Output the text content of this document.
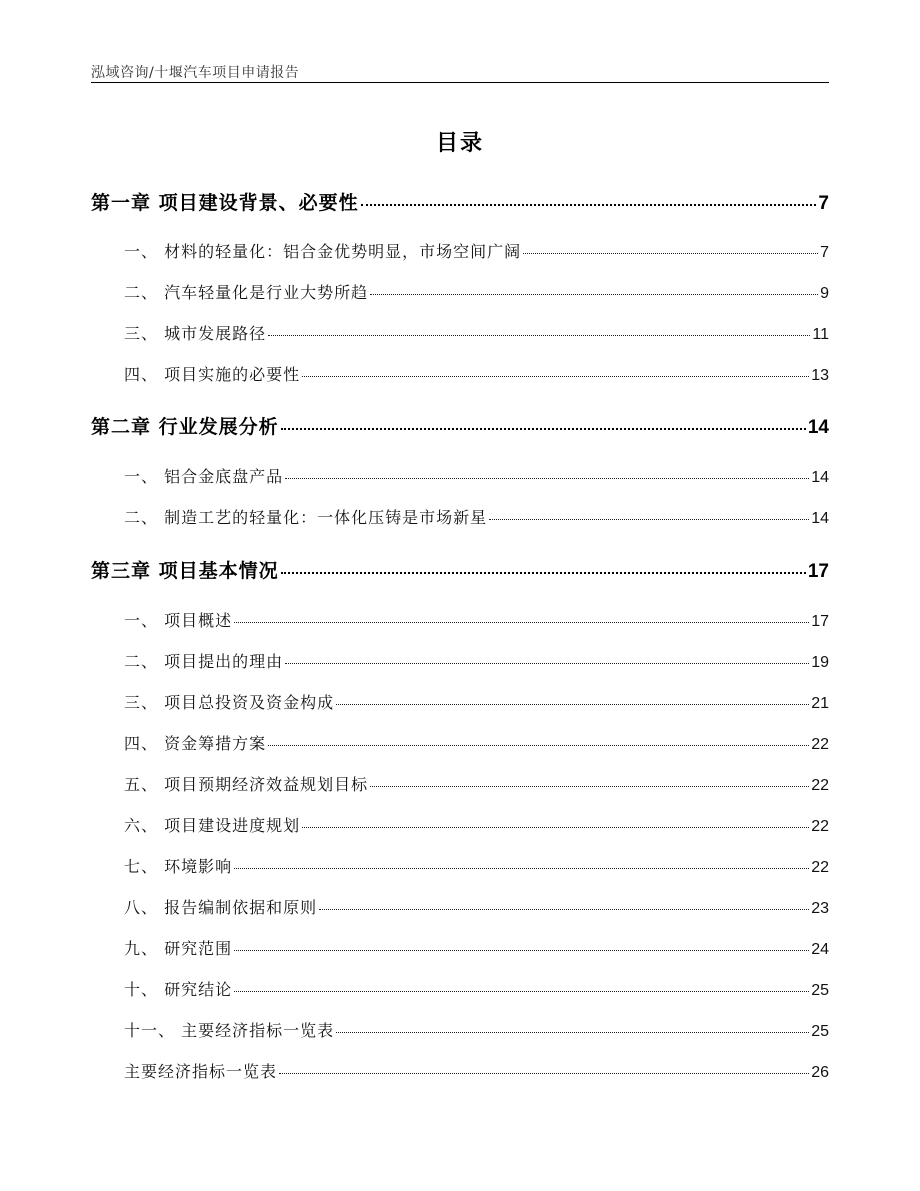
泓域咨询/十堰汽车项目申请报告
目录
第一章 项目建设背景、必要性	7
一、 材料的轻量化：铝合金优势明显，市场空间广阔	7
二、 汽车轻量化是行业大势所趋	9
三、 城市发展路径	11
四、 项目实施的必要性	13
第二章 行业发展分析	14
一、 铝合金底盘产品	14
二、 制造工艺的轻量化：一体化压铸是市场新星	14
第三章 项目基本情况	17
一、 项目概述	17
二、 项目提出的理由	19
三、 项目总投资及资金构成	21
四、 资金筹措方案	22
五、 项目预期经济效益规划目标	22
六、 项目建设进度规划	22
七、 环境影响	22
八、 报告编制依据和原则	23
九、 研究范围	24
十、 研究结论	25
十一、 主要经济指标一览表	25
主要经济指标一览表	26
